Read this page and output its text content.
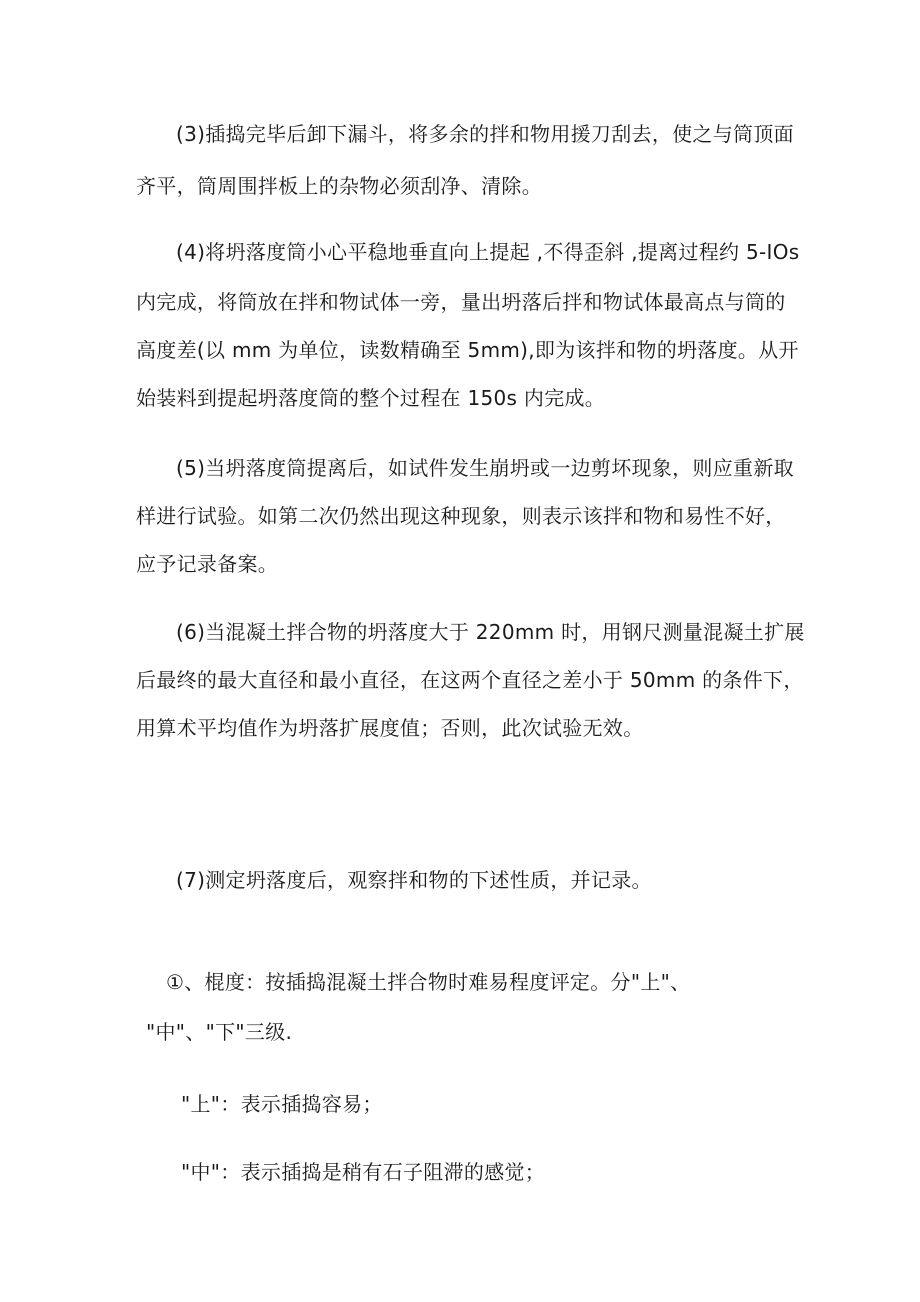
(3)插捣完毕后卸下漏斗，将多余的拌和物用援刀刮去，使之与筒顶面
齐平，筒周围拌板上的杂物必须刮净、清除。
(4)将坍落度筒小心平稳地垂直向上提起 ,不得歪斜 ,提离过程约 5-IOs
内完成，将筒放在拌和物试体一旁，量出坍落后拌和物试体最高点与筒的
高度差(以 mm 为单位，读数精确至 5mm),即为该拌和物的坍落度。从开
始装料到提起坍落度筒的整个过程在 150s 内完成。
(5)当坍落度筒提离后，如试件发生崩坍或一边剪坏现象，则应重新取
样进行试验。如第二次仍然出现这种现象，则表示该拌和物和易性不好，
应予记录备案。
(6)当混凝土拌合物的坍落度大于 220mm 时，用钢尺测量混凝土扩展
后最终的最大直径和最小直径，在这两个直径之差小于 50mm 的条件下，
用算术平均值作为坍落扩展度值；否则，此次试验无效。
(7)测定坍落度后，观察拌和物的下述性质，并记录。
①、棍度：按插捣混凝土拌合物时难易程度评定。分"上"、
"中"、"下"三级.
"上"：表示插捣容易；
"中"：表示插捣是稍有石子阻滞的感觉；
